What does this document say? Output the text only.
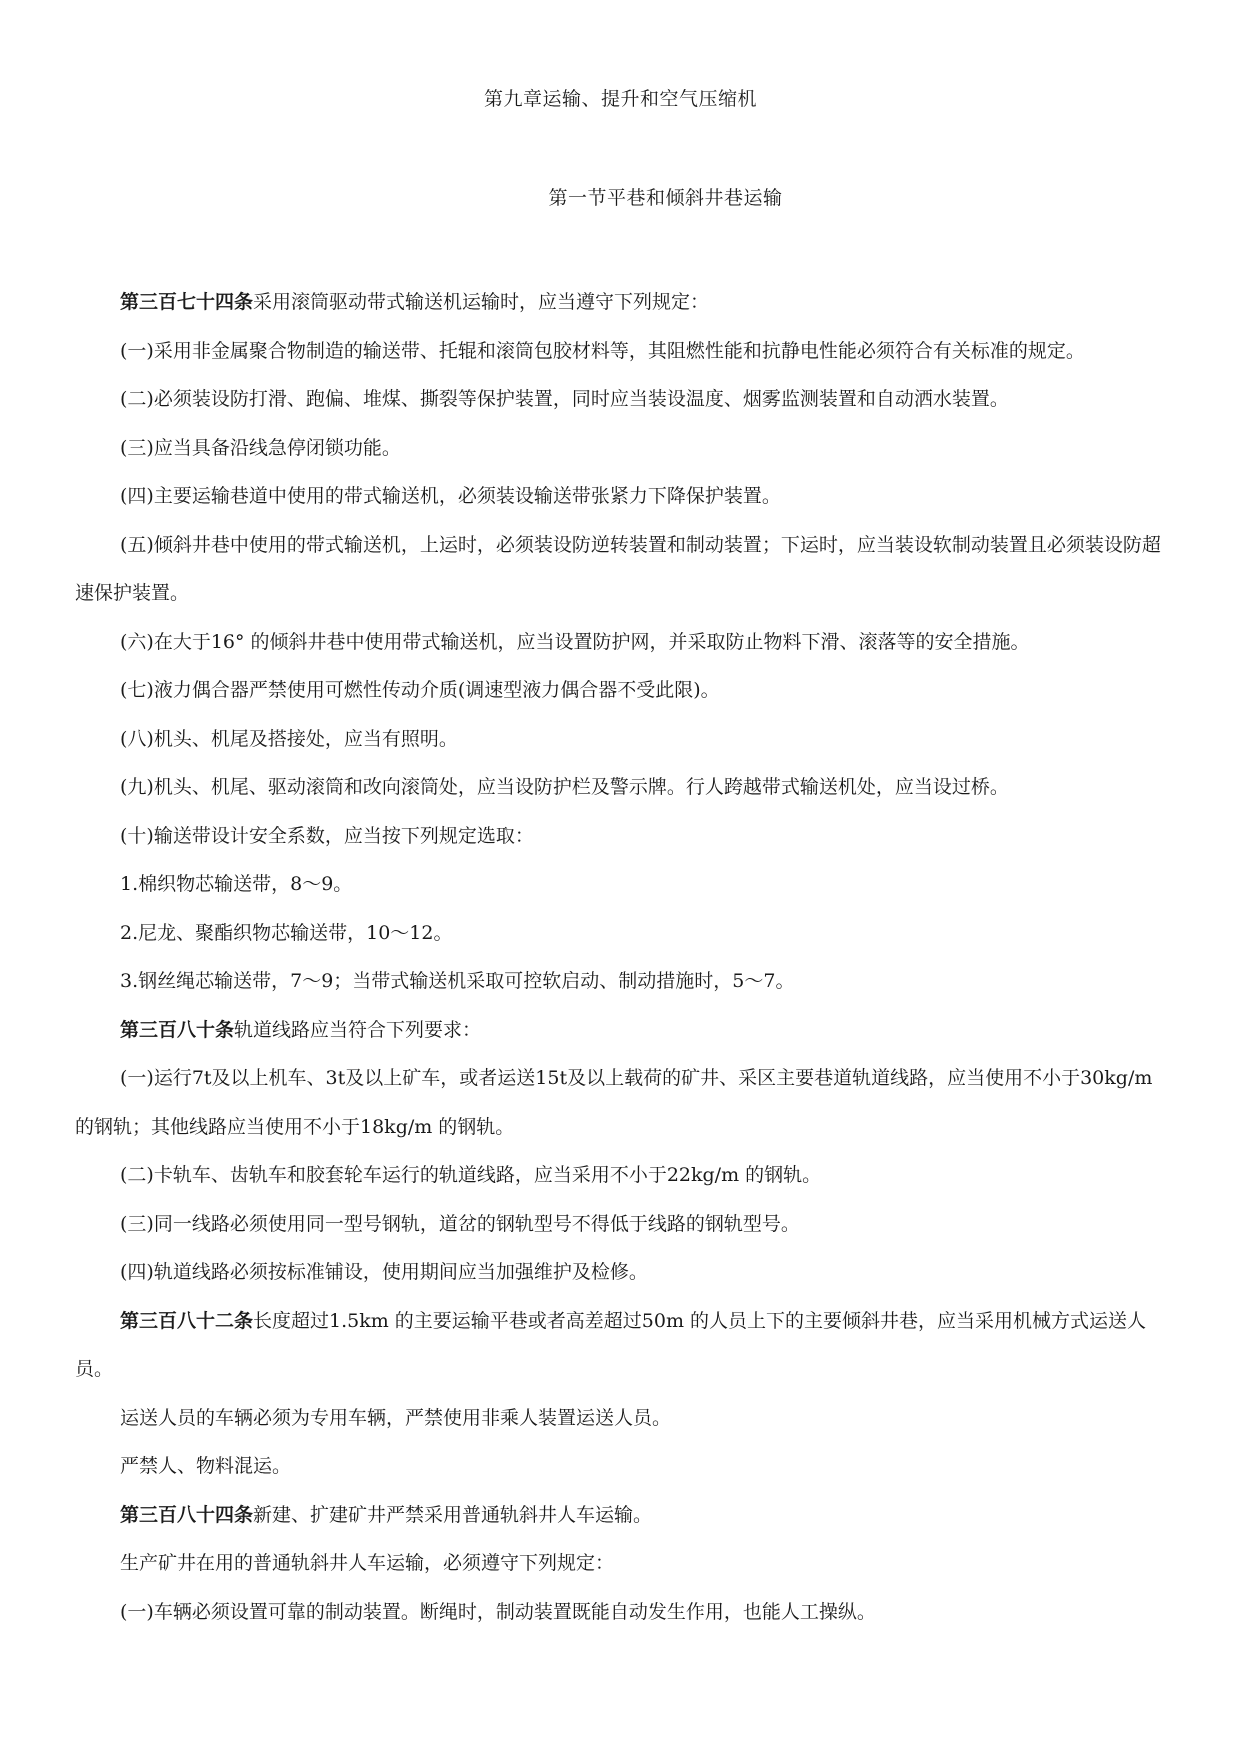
第九章运输、提升和空气压缩机
第一节平巷和倾斜井巷运输

第三百七十四条采用滚筒驱动带式输送机运输时，应当遵守下列规定：

(一)采用非金属聚合物制造的输送带、托辊和滚筒包胶材料等，其阻燃性能和抗静电性能必须符合有关标准的规定。

(二)必须装设防打滑、跑偏、堆煤、撕裂等保护装置，同时应当装设温度、烟雾监测装置和自动洒水装置。

(三)应当具备沿线急停闭锁功能。

(四)主要运输巷道中使用的带式输送机，必须装设输送带张紧力下降保护装置。

(五)倾斜井巷中使用的带式输送机，上运时，必须装设防逆转装置和制动装置；下运时，应当装设软制动装置且必须装设防超速保护装置。

(六)在大于16° 的倾斜井巷中使用带式输送机，应当设置防护网，并采取防止物料下滑、滚落等的安全措施。

(七)液力偶合器严禁使用可燃性传动介质(调速型液力偶合器不受此限)。

(八)机头、机尾及搭接处，应当有照明。

(九)机头、机尾、驱动滚筒和改向滚筒处，应当设防护栏及警示牌。行人跨越带式输送机处，应当设过桥。

(十)输送带设计安全系数，应当按下列规定选取：

1.棉织物芯输送带，8～9。

2.尼龙、聚酯织物芯输送带，10～12。

3.钢丝绳芯输送带，7～9；当带式输送机采取可控软启动、制动措施时，5～7。

第三百八十条轨道线路应当符合下列要求：

(一)运行7t及以上机车、3t及以上矿车，或者运送15t及以上载荷的矿井、采区主要巷道轨道线路，应当使用不小于30kg/m 的钢轨；其他线路应当使用不小于18kg/m 的钢轨。

(二)卡轨车、齿轨车和胶套轮车运行的轨道线路，应当采用不小于22kg/m 的钢轨。

(三)同一线路必须使用同一型号钢轨，道岔的钢轨型号不得低于线路的钢轨型号。

(四)轨道线路必须按标准铺设，使用期间应当加强维护及检修。

第三百八十二条长度超过1.5km 的主要运输平巷或者高差超过50m 的人员上下的主要倾斜井巷，应当采用机械方式运送人员。

运送人员的车辆必须为专用车辆，严禁使用非乘人装置运送人员。

严禁人、物料混运。

第三百八十四条新建、扩建矿井严禁采用普通轨斜井人车运输。

生产矿井在用的普通轨斜井人车运输，必须遵守下列规定：

(一)车辆必须设置可靠的制动装置。断绳时，制动装置既能自动发生作用，也能人工操纵。
